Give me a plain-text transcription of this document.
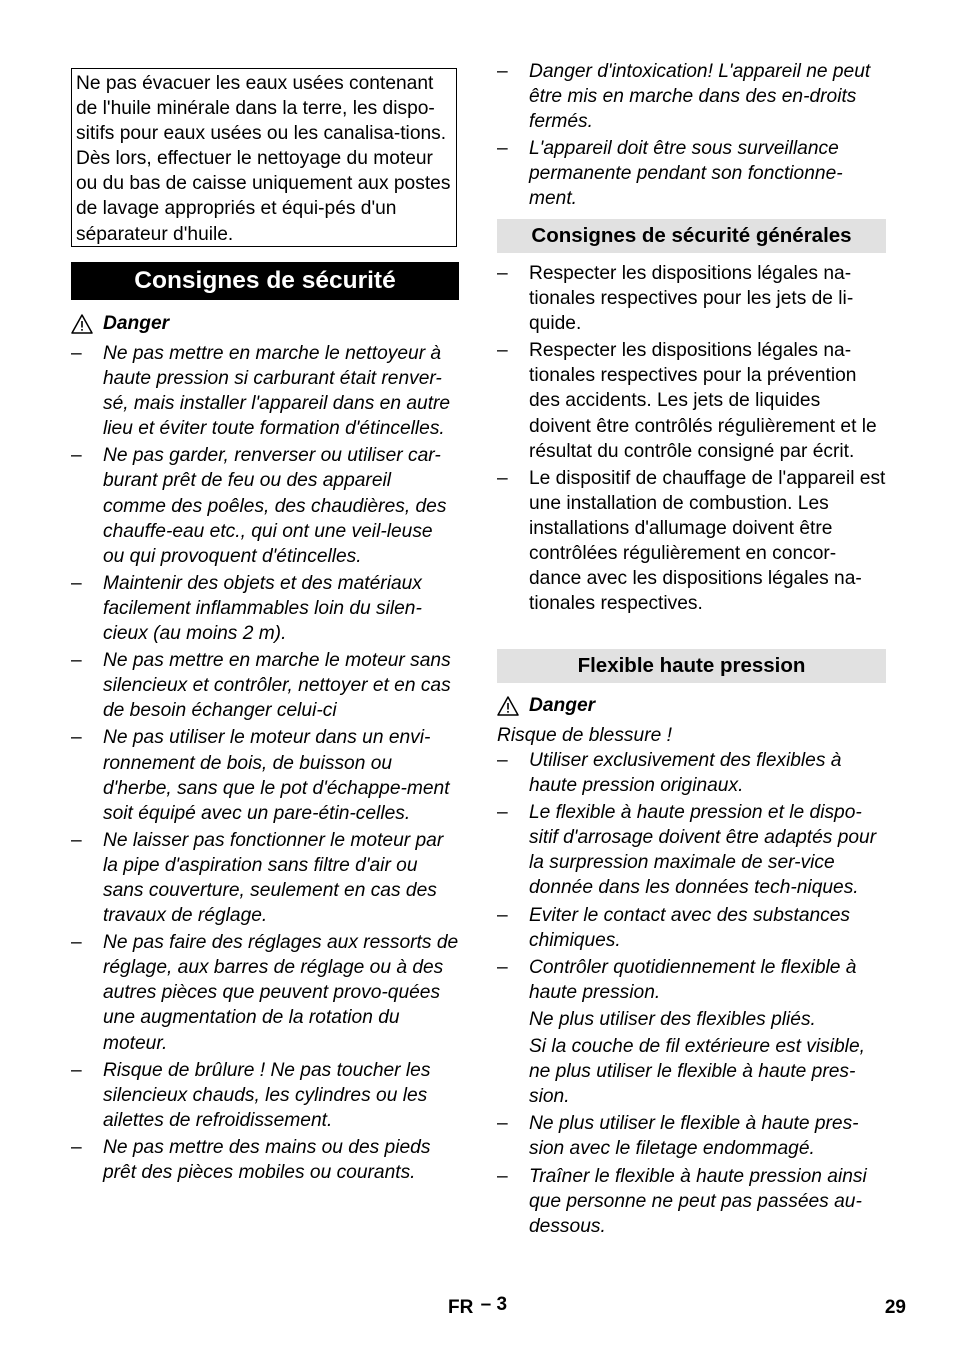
Ne pas évacuer les eaux usées contenant de l'huile minérale dans la terre, les dispo-sitifs pour eaux usées ou les canalisa-tions. Dès lors, effectuer le nettoyage du moteur ou du bas de caisse uniquement aux postes de lavage appropriés et équi-pés d'un séparateur d'huile.
Consignes de sécurité
Danger
–	Ne pas mettre en marche le nettoyeur à haute pression si carburant était renver-sé, mais installer l'appareil dans en autre lieu et éviter toute formation d'étincelles.
–	Ne pas garder, renverser ou utiliser car-burant prêt de feu ou des appareil comme des poêles, des chaudières, des chauffe-eau etc., qui ont une veil-leuse ou qui provoquent d'étincelles.
–	Maintenir des objets et des matériaux facilement inflammables loin du silen-cieux (au moins 2 m).
–	Ne pas mettre en marche le moteur sans silencieux et contrôler, nettoyer et en cas de besoin échanger celui-ci
–	Ne pas utiliser le moteur dans un envi-ronnement de bois, de buisson ou d'herbe, sans que le pot d'échappe-ment soit équipé avec un pare-étin-celles.
–	Ne laisser pas fonctionner le moteur par la pipe d'aspiration sans filtre d'air ou sans couverture, seulement en cas des travaux de réglage.
–	Ne pas faire des réglages aux ressorts de réglage, aux barres de réglage ou à des autres pièces que peuvent provo-quées une augmentation de la rotation du moteur.
–	Risque de brûlure ! Ne pas toucher les silencieux chauds, les cylindres ou les ailettes de refroidissement.
–	Ne pas mettre des mains ou des pieds prêt des pièces mobiles ou courants.
–	Danger d'intoxication! L'appareil ne peut être mis en marche dans des en-droits fermés.
–	L'appareil doit être sous surveillance permanente pendant son fonctionne-ment.
Consignes de sécurité générales
–	Respecter les dispositions légales na-tionales respectives pour les jets de li-quide.
–	Respecter les dispositions légales na-tionales respectives pour la prévention des accidents. Les jets de liquides doivent être contrôlés régulièrement et le résultat du contrôle consigné par écrit.
–	Le dispositif de chauffage de l'appareil est une installation de combustion. Les installations d'allumage doivent être contrôlées régulièrement en concor-dance avec les dispositions légales na-tionales respectives.
Flexible haute pression
Danger
Risque de blessure !
–	Utiliser exclusivement des flexibles à haute pression originaux.
–	Le flexible à haute pression et le dispo-sitif d'arrosage doivent être adaptés pour la surpression maximale de ser-vice donnée dans les données tech-niques.
–	Eviter le contact avec des substances chimiques.
–	Contrôler quotidiennement le flexible à haute pression.
Ne plus utiliser des flexibles pliés.
Si la couche de fil extérieure est visible, ne plus utiliser le flexible à haute pres-sion.
–	Ne plus utiliser le flexible à haute pres-sion avec le filetage endommagé.
–	Traîner le flexible à haute pression ainsi que personne ne peut pas passées au-dessous.
FR – 3	29
